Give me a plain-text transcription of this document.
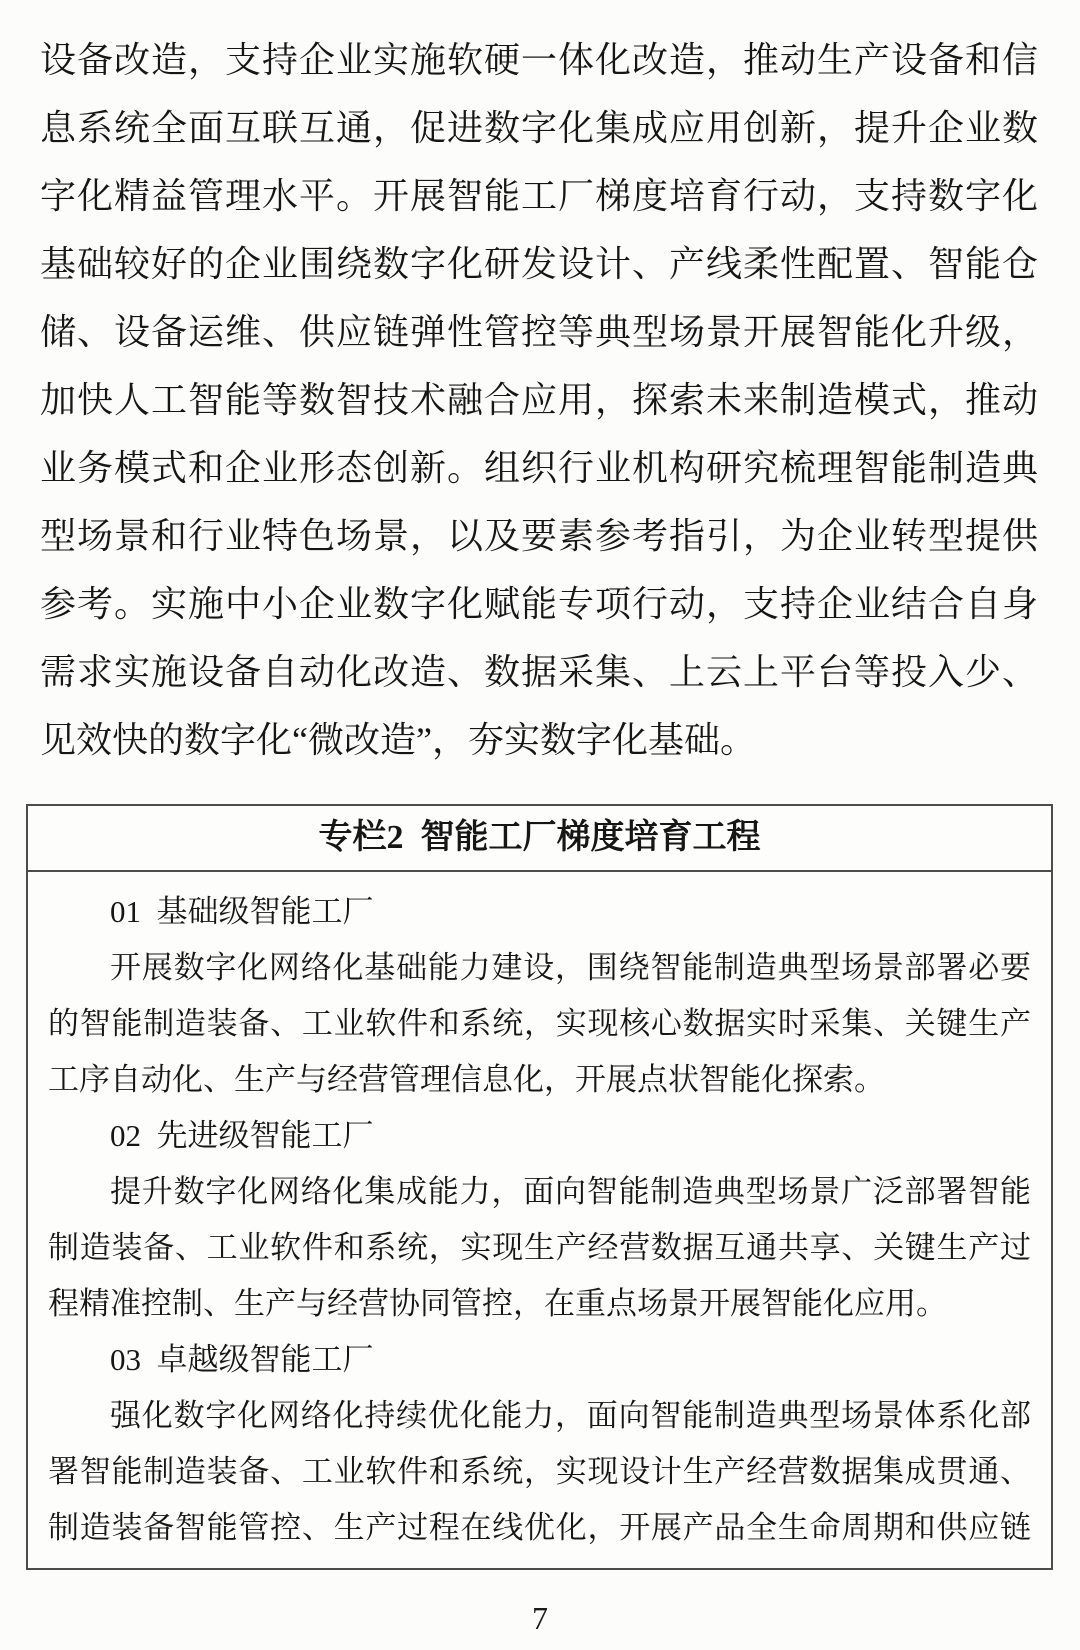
设备改造，支持企业实施软硬一体化改造，推动生产设备和信
息系统全面互联互通，促进数字化集成应用创新，提升企业数
字化精益管理水平。开展智能工厂梯度培育行动，支持数字化
基础较好的企业围绕数字化研发设计、产线柔性配置、智能仓
储、设备运维、供应链弹性管控等典型场景开展智能化升级，
加快人工智能等数智技术融合应用，探索未来制造模式，推动
业务模式和企业形态创新。组织行业机构研究梳理智能制造典
型场景和行业特色场景，以及要素参考指引，为企业转型提供
参考。实施中小企业数字化赋能专项行动，支持企业结合自身
需求实施设备自动化改造、数据采集、上云上平台等投入少、
见效快的数字化“微改造”，夯实数字化基础。
专栏2  智能工厂梯度培育工程
01  基础级智能工厂
开展数字化网络化基础能力建设，围绕智能制造典型场景部署必要
的智能制造装备、工业软件和系统，实现核心数据实时采集、关键生产
工序自动化、生产与经营管理信息化，开展点状智能化探索。
02  先进级智能工厂
提升数字化网络化集成能力，面向智能制造典型场景广泛部署智能
制造装备、工业软件和系统，实现生产经营数据互通共享、关键生产过
程精准控制、生产与经营协同管控，在重点场景开展智能化应用。
03  卓越级智能工厂
强化数字化网络化持续优化能力，面向智能制造典型场景体系化部
署智能制造装备、工业软件和系统，实现设计生产经营数据集成贯通、
制造装备智能管控、生产过程在线优化，开展产品全生命周期和供应链
7
